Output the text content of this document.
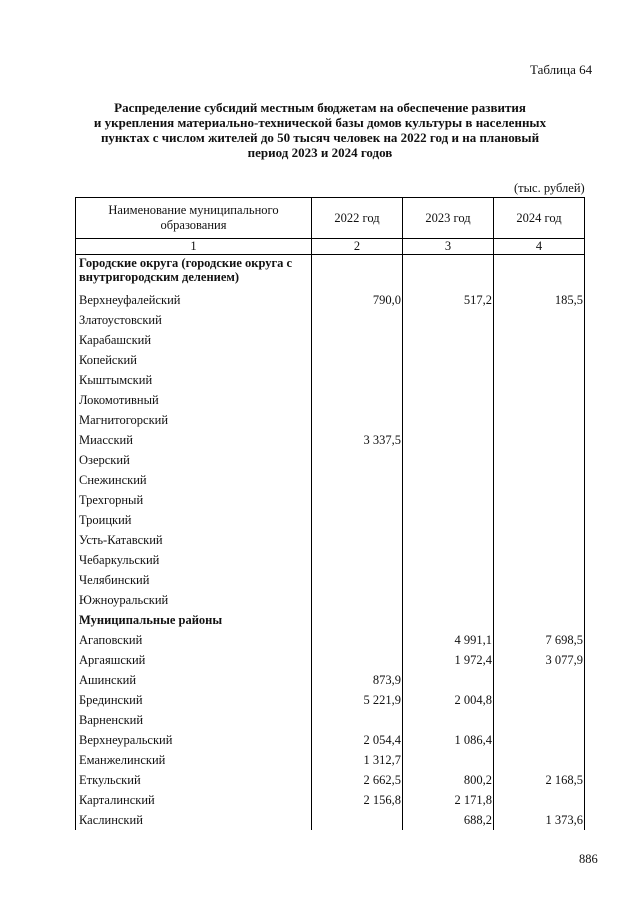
Таблица 64
Распределение субсидий местным бюджетам на обеспечение развития
и укрепления материально-технической базы домов культуры в населенных
пунктах с числом жителей до 50 тысяч человек на 2022 год и на плановый
период 2023 и 2024 годов
(тыс. рублей)
Наименование муниципального образования	2022 год	2023 год	2024 год
1	2	3	4
Городские округа (городские округа с внутригородским делением)			
Верхнеуфалейский	790,0	517,2	185,5
Златоустовский			
Карабашский			
Копейский			
Кыштымский			
Локомотивный			
Магнитогорский			
Миасский	3 337,5		
Озерский			
Снежинский			
Трехгорный			
Троицкий			
Усть-Катавский			
Чебаркульский			
Челябинский			
Южноуральский			
Муниципальные районы			
Агаповский		4 991,1	7 698,5
Аргаяшский		1 972,4	3 077,9
Ашинский	873,9		
Брединский	5 221,9	2 004,8	
Варненский			
Верхнеуральский	2 054,4	1 086,4	
Еманжелинский	1 312,7		
Еткульский	2 662,5	800,2	2 168,5
Карталинский	2 156,8	2 171,8	
Каслинский		688,2	1 373,6
886
